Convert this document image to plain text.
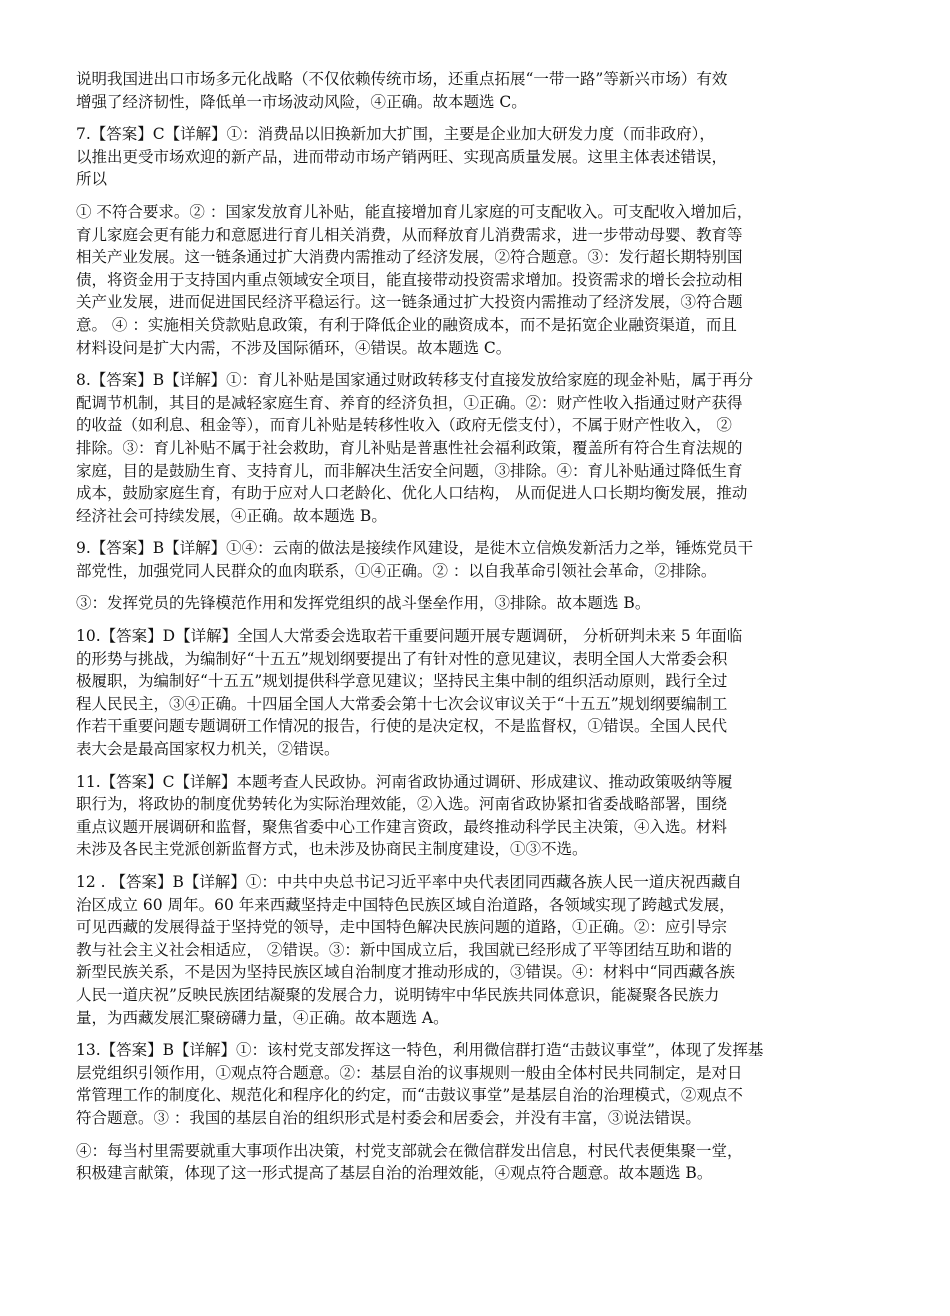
说明我国进出口市场多元化战略（不仅依赖传统市场，还重点拓展“一带一路”等新兴市场）有效
增强了经济韧性，降低单一市场波动风险，④正确。故本题选 C。
7.【答案】C【详解】①：消费品以旧换新加大扩围，主要是企业加大研发力度（而非政府），
以推出更受市场欢迎的新产品，进而带动市场产销两旺、实现高质量发展。这里主体表述错误，
所以
① 不符合要求。② ：国家发放育儿补贴，能直接增加育儿家庭的可支配收入。可支配收入增加后，
育儿家庭会更有能力和意愿进行育儿相关消费，从而释放育儿消费需求，进一步带动母婴、教育等
相关产业发展。这一链条通过扩大消费内需推动了经济发展，②符合题意。③：发行超长期特别国
债，将资金用于支持国内重点领域安全项目，能直接带动投资需求增加。投资需求的增长会拉动相
关产业发展，进而促进国民经济平稳运行。这一链条通过扩大投资内需推动了经济发展，③符合题
意。 ④ ：实施相关贷款贴息政策，有利于降低企业的融资成本，而不是拓宽企业融资渠道，而且
材料设问是扩大内需，不涉及国际循环，④错误。故本题选 C。
8.【答案】B【详解】①：育儿补贴是国家通过财政转移支付直接发放给家庭的现金补贴，属于再分
配调节机制，其目的是减轻家庭生育、养育的经济负担，①正确。②：财产性收入指通过财产获得
的收益（如利息、租金等），而育儿补贴是转移性收入（政府无偿支付），不属于财产性收入， ②
排除。③：育儿补贴不属于社会救助，育儿补贴是普惠性社会福利政策，覆盖所有符合生育法规的
家庭，目的是鼓励生育、支持育儿，而非解决生活安全问题，③排除。④：育儿补贴通过降低生育
成本，鼓励家庭生育，有助于应对人口老龄化、优化人口结构， 从而促进人口长期均衡发展，推动
经济社会可持续发展，④正确。故本题选 B。
9.【答案】B【详解】①④：云南的做法是接续作风建设，是徙木立信焕发新活力之举，锤炼党员干
部党性，加强党同人民群众的血肉联系，①④正确。② ：以自我革命引领社会革命，②排除。
③：发挥党员的先锋模范作用和发挥党组织的战斗堡垒作用，③排除。故本题选 B。
10.【答案】D【详解】全国人大常委会选取若干重要问题开展专题调研， 分析研判未来 5 年面临
的形势与挑战，为编制好“十五五”规划纲要提出了有针对性的意见建议，表明全国人大常委会积
极履职，为编制好“十五五”规划提供科学意见建议；坚持民主集中制的组织活动原则，践行全过
程人民民主，③④正确。十四届全国人大常委会第十七次会议审议关于“十五五”规划纲要编制工
作若干重要问题专题调研工作情况的报告，行使的是决定权，不是监督权，①错误。全国人民代
表大会是最高国家权力机关，②错误。
11.【答案】C【详解】本题考查人民政协。河南省政协通过调研、形成建议、推动政策吸纳等履
职行为，将政协的制度优势转化为实际治理效能，②入选。河南省政协紧扣省委战略部署，围绕
重点议题开展调研和监督，聚焦省委中心工作建言资政，最终推动科学民主决策，④入选。材料
未涉及各民主党派创新监督方式，也未涉及协商民主制度建设，①③不选。
12 . 【答案】B【详解】①：中共中央总书记习近平率中央代表团同西藏各族人民一道庆祝西藏自
治区成立 60 周年。60 年来西藏坚持走中国特色民族区域自治道路，各领域实现了跨越式发展，
可见西藏的发展得益于坚持党的领导，走中国特色解决民族问题的道路，①正确。②：应引导宗
教与社会主义社会相适应， ②错误。③：新中国成立后，我国就已经形成了平等团结互助和谐的
新型民族关系，不是因为坚持民族区域自治制度才推动形成的，③错误。④：材料中“同西藏各族
人民一道庆祝”反映民族团结凝聚的发展合力，说明铸牢中华民族共同体意识，能凝聚各民族力
量，为西藏发展汇聚磅礴力量，④正确。故本题选 A。
13.【答案】B【详解】①：该村党支部发挥这一特色，利用微信群打造“击鼓议事堂”，体现了发挥基
层党组织引领作用，①观点符合题意。②：基层自治的议事规则一般由全体村民共同制定，是对日
常管理工作的制度化、规范化和程序化的约定，而“击鼓议事堂”是基层自治的治理模式，②观点不
符合题意。③ ：我国的基层自治的组织形式是村委会和居委会，并没有丰富，③说法错误。
④：每当村里需要就重大事项作出决策，村党支部就会在微信群发出信息，村民代表便集聚一堂，
积极建言献策，体现了这一形式提高了基层自治的治理效能，④观点符合题意。故本题选 B。
